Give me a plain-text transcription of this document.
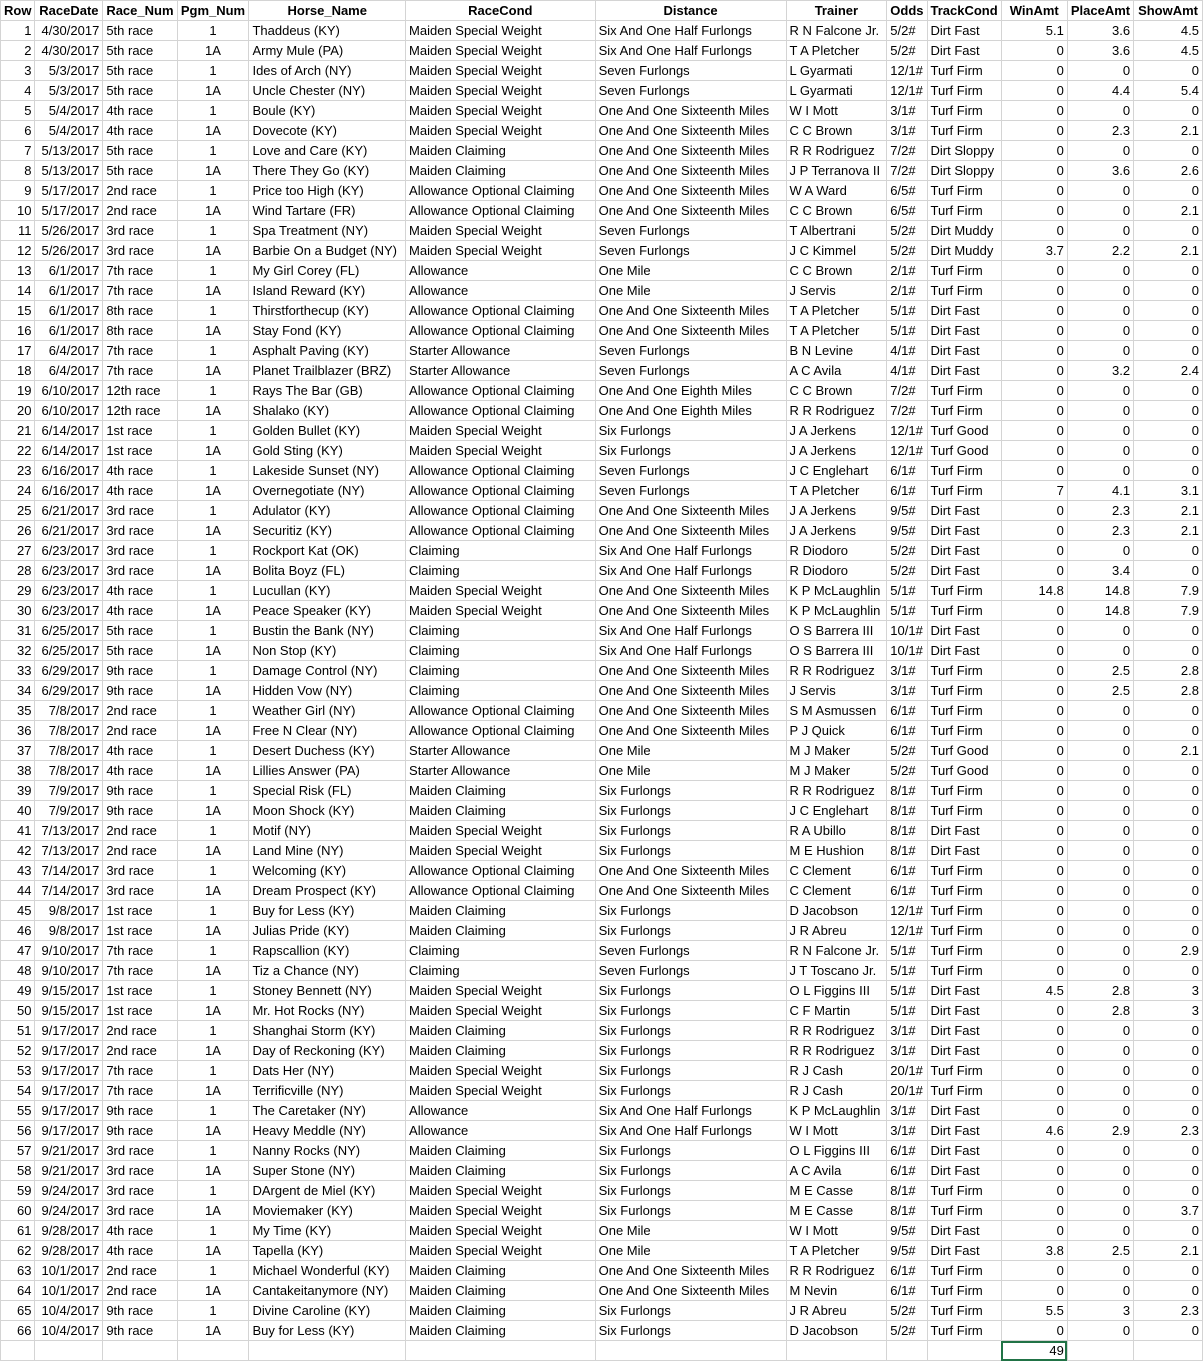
Row	RaceDate	Race_Num	Pgm_Num	Horse_Name	RaceCond	Distance	Trainer	Odds	TrackCond	WinAmt	PlaceAmt	ShowAmt
1	4/30/2017	5th race	1	Thaddeus (KY)	Maiden Special Weight	Six And One Half Furlongs	R N Falcone Jr.	5/2#	Dirt Fast	5.1	3.6	4.5
2	4/30/2017	5th race	1A	Army Mule (PA)	Maiden Special Weight	Six And One Half Furlongs	T A Pletcher	5/2#	Dirt Fast	0	3.6	4.5
3	5/3/2017	5th race	1	Ides of Arch (NY)	Maiden Special Weight	Seven Furlongs	L Gyarmati	12/1#	Turf Firm	0	0	0
4	5/3/2017	5th race	1A	Uncle Chester (NY)	Maiden Special Weight	Seven Furlongs	L Gyarmati	12/1#	Turf Firm	0	4.4	5.4
5	5/4/2017	4th race	1	Boule (KY)	Maiden Special Weight	One And One Sixteenth Miles	W I Mott	3/1#	Turf Firm	0	0	0
6	5/4/2017	4th race	1A	Dovecote (KY)	Maiden Special Weight	One And One Sixteenth Miles	C C Brown	3/1#	Turf Firm	0	2.3	2.1
7	5/13/2017	5th race	1	Love and Care (KY)	Maiden Claiming	One And One Sixteenth Miles	R R Rodriguez	7/2#	Dirt Sloppy	0	0	0
8	5/13/2017	5th race	1A	There They Go (KY)	Maiden Claiming	One And One Sixteenth Miles	J P Terranova II	7/2#	Dirt Sloppy	0	3.6	2.6
9	5/17/2017	2nd race	1	Price too High (KY)	Allowance Optional Claiming	One And One Sixteenth Miles	W A Ward	6/5#	Turf Firm	0	0	0
10	5/17/2017	2nd race	1A	Wind Tartare (FR)	Allowance Optional Claiming	One And One Sixteenth Miles	C C Brown	6/5#	Turf Firm	0	0	2.1
11	5/26/2017	3rd race	1	Spa Treatment (NY)	Maiden Special Weight	Seven Furlongs	T Albertrani	5/2#	Dirt Muddy	0	0	0
12	5/26/2017	3rd race	1A	Barbie On a Budget (NY)	Maiden Special Weight	Seven Furlongs	J C Kimmel	5/2#	Dirt Muddy	3.7	2.2	2.1
13	6/1/2017	7th race	1	My Girl Corey (FL)	Allowance	One Mile	C C Brown	2/1#	Turf Firm	0	0	0
14	6/1/2017	7th race	1A	Island Reward (KY)	Allowance	One Mile	J Servis	2/1#	Turf Firm	0	0	0
15	6/1/2017	8th race	1	Thirstforthecup (KY)	Allowance Optional Claiming	One And One Sixteenth Miles	T A Pletcher	5/1#	Dirt Fast	0	0	0
16	6/1/2017	8th race	1A	Stay Fond (KY)	Allowance Optional Claiming	One And One Sixteenth Miles	T A Pletcher	5/1#	Dirt Fast	0	0	0
17	6/4/2017	7th race	1	Asphalt Paving (KY)	Starter Allowance	Seven Furlongs	B N Levine	4/1#	Dirt Fast	0	0	0
18	6/4/2017	7th race	1A	Planet Trailblazer (BRZ)	Starter Allowance	Seven Furlongs	A C Avila	4/1#	Dirt Fast	0	3.2	2.4
19	6/10/2017	12th race	1	Rays The Bar (GB)	Allowance Optional Claiming	One And One Eighth Miles	C C Brown	7/2#	Turf Firm	0	0	0
20	6/10/2017	12th race	1A	Shalako (KY)	Allowance Optional Claiming	One And One Eighth Miles	R R Rodriguez	7/2#	Turf Firm	0	0	0
21	6/14/2017	1st race	1	Golden Bullet (KY)	Maiden Special Weight	Six Furlongs	J A Jerkens	12/1#	Turf Good	0	0	0
22	6/14/2017	1st race	1A	Gold Sting (KY)	Maiden Special Weight	Six Furlongs	J A Jerkens	12/1#	Turf Good	0	0	0
23	6/16/2017	4th race	1	Lakeside Sunset (NY)	Allowance Optional Claiming	Seven Furlongs	J C Englehart	6/1#	Turf Firm	0	0	0
24	6/16/2017	4th race	1A	Overnegotiate (NY)	Allowance Optional Claiming	Seven Furlongs	T A Pletcher	6/1#	Turf Firm	7	4.1	3.1
25	6/21/2017	3rd race	1	Adulator (KY)	Allowance Optional Claiming	One And One Sixteenth Miles	J A Jerkens	9/5#	Dirt Fast	0	2.3	2.1
26	6/21/2017	3rd race	1A	Securitiz (KY)	Allowance Optional Claiming	One And One Sixteenth Miles	J A Jerkens	9/5#	Dirt Fast	0	2.3	2.1
27	6/23/2017	3rd race	1	Rockport Kat (OK)	Claiming	Six And One Half Furlongs	R Diodoro	5/2#	Dirt Fast	0	0	0
28	6/23/2017	3rd race	1A	Bolita Boyz (FL)	Claiming	Six And One Half Furlongs	R Diodoro	5/2#	Dirt Fast	0	3.4	0
29	6/23/2017	4th race	1	Lucullan (KY)	Maiden Special Weight	One And One Sixteenth Miles	K P McLaughlin	5/1#	Turf Firm	14.8	14.8	7.9
30	6/23/2017	4th race	1A	Peace Speaker (KY)	Maiden Special Weight	One And One Sixteenth Miles	K P McLaughlin	5/1#	Turf Firm	0	14.8	7.9
31	6/25/2017	5th race	1	Bustin the Bank (NY)	Claiming	Six And One Half Furlongs	O S Barrera III	10/1#	Dirt Fast	0	0	0
32	6/25/2017	5th race	1A	Non Stop (KY)	Claiming	Six And One Half Furlongs	O S Barrera III	10/1#	Dirt Fast	0	0	0
33	6/29/2017	9th race	1	Damage Control (NY)	Claiming	One And One Sixteenth Miles	R R Rodriguez	3/1#	Turf Firm	0	2.5	2.8
34	6/29/2017	9th race	1A	Hidden Vow (NY)	Claiming	One And One Sixteenth Miles	J Servis	3/1#	Turf Firm	0	2.5	2.8
35	7/8/2017	2nd race	1	Weather Girl (NY)	Allowance Optional Claiming	One And One Sixteenth Miles	S M Asmussen	6/1#	Turf Firm	0	0	0
36	7/8/2017	2nd race	1A	Free N Clear (NY)	Allowance Optional Claiming	One And One Sixteenth Miles	P J Quick	6/1#	Turf Firm	0	0	0
37	7/8/2017	4th race	1	Desert Duchess (KY)	Starter Allowance	One Mile	M J Maker	5/2#	Turf Good	0	0	2.1
38	7/8/2017	4th race	1A	Lillies Answer (PA)	Starter Allowance	One Mile	M J Maker	5/2#	Turf Good	0	0	0
39	7/9/2017	9th race	1	Special Risk (FL)	Maiden Claiming	Six Furlongs	R R Rodriguez	8/1#	Turf Firm	0	0	0
40	7/9/2017	9th race	1A	Moon Shock (KY)	Maiden Claiming	Six Furlongs	J C Englehart	8/1#	Turf Firm	0	0	0
41	7/13/2017	2nd race	1	Motif (NY)	Maiden Special Weight	Six Furlongs	R A Ubillo	8/1#	Dirt Fast	0	0	0
42	7/13/2017	2nd race	1A	Land Mine (NY)	Maiden Special Weight	Six Furlongs	M E Hushion	8/1#	Dirt Fast	0	0	0
43	7/14/2017	3rd race	1	Welcoming (KY)	Allowance Optional Claiming	One And One Sixteenth Miles	C Clement	6/1#	Turf Firm	0	0	0
44	7/14/2017	3rd race	1A	Dream Prospect (KY)	Allowance Optional Claiming	One And One Sixteenth Miles	C Clement	6/1#	Turf Firm	0	0	0
45	9/8/2017	1st race	1	Buy for Less (KY)	Maiden Claiming	Six Furlongs	D Jacobson	12/1#	Turf Firm	0	0	0
46	9/8/2017	1st race	1A	Julias Pride (KY)	Maiden Claiming	Six Furlongs	J R Abreu	12/1#	Turf Firm	0	0	0
47	9/10/2017	7th race	1	Rapscallion (KY)	Claiming	Seven Furlongs	R N Falcone Jr.	5/1#	Turf Firm	0	0	2.9
48	9/10/2017	7th race	1A	Tiz a Chance (NY)	Claiming	Seven Furlongs	J T Toscano Jr.	5/1#	Turf Firm	0	0	0
49	9/15/2017	1st race	1	Stoney Bennett (NY)	Maiden Special Weight	Six Furlongs	O L Figgins III	5/1#	Dirt Fast	4.5	2.8	3
50	9/15/2017	1st race	1A	Mr. Hot Rocks (NY)	Maiden Special Weight	Six Furlongs	C F Martin	5/1#	Dirt Fast	0	2.8	3
51	9/17/2017	2nd race	1	Shanghai Storm (KY)	Maiden Claiming	Six Furlongs	R R Rodriguez	3/1#	Dirt Fast	0	0	0
52	9/17/2017	2nd race	1A	Day of Reckoning (KY)	Maiden Claiming	Six Furlongs	R R Rodriguez	3/1#	Dirt Fast	0	0	0
53	9/17/2017	7th race	1	Dats Her (NY)	Maiden Special Weight	Six Furlongs	R J Cash	20/1#	Turf Firm	0	0	0
54	9/17/2017	7th race	1A	Terrificville (NY)	Maiden Special Weight	Six Furlongs	R J Cash	20/1#	Turf Firm	0	0	0
55	9/17/2017	9th race	1	The Caretaker (NY)	Allowance	Six And One Half Furlongs	K P McLaughlin	3/1#	Dirt Fast	0	0	0
56	9/17/2017	9th race	1A	Heavy Meddle (NY)	Allowance	Six And One Half Furlongs	W I Mott	3/1#	Dirt Fast	4.6	2.9	2.3
57	9/21/2017	3rd race	1	Nanny Rocks (NY)	Maiden Claiming	Six Furlongs	O L Figgins III	6/1#	Dirt Fast	0	0	0
58	9/21/2017	3rd race	1A	Super Stone (NY)	Maiden Claiming	Six Furlongs	A C Avila	6/1#	Dirt Fast	0	0	0
59	9/24/2017	3rd race	1	DArgent de Miel (KY)	Maiden Special Weight	Six Furlongs	M E Casse	8/1#	Turf Firm	0	0	0
60	9/24/2017	3rd race	1A	Moviemaker (KY)	Maiden Special Weight	Six Furlongs	M E Casse	8/1#	Turf Firm	0	0	3.7
61	9/28/2017	4th race	1	My Time (KY)	Maiden Special Weight	One Mile	W I Mott	9/5#	Dirt Fast	0	0	0
62	9/28/2017	4th race	1A	Tapella (KY)	Maiden Special Weight	One Mile	T A Pletcher	9/5#	Dirt Fast	3.8	2.5	2.1
63	10/1/2017	2nd race	1	Michael Wonderful (KY)	Maiden Claiming	One And One Sixteenth Miles	R R Rodriguez	6/1#	Turf Firm	0	0	0
64	10/1/2017	2nd race	1A	Cantakeitanymore (NY)	Maiden Claiming	One And One Sixteenth Miles	M Nevin	6/1#	Turf Firm	0	0	0
65	10/4/2017	9th race	1	Divine Caroline (KY)	Maiden Claiming	Six Furlongs	J R Abreu	5/2#	Turf Firm	5.5	3	2.3
66	10/4/2017	9th race	1A	Buy for Less (KY)	Maiden Claiming	Six Furlongs	D Jacobson	5/2#	Turf Firm	0	0	0
										49		
